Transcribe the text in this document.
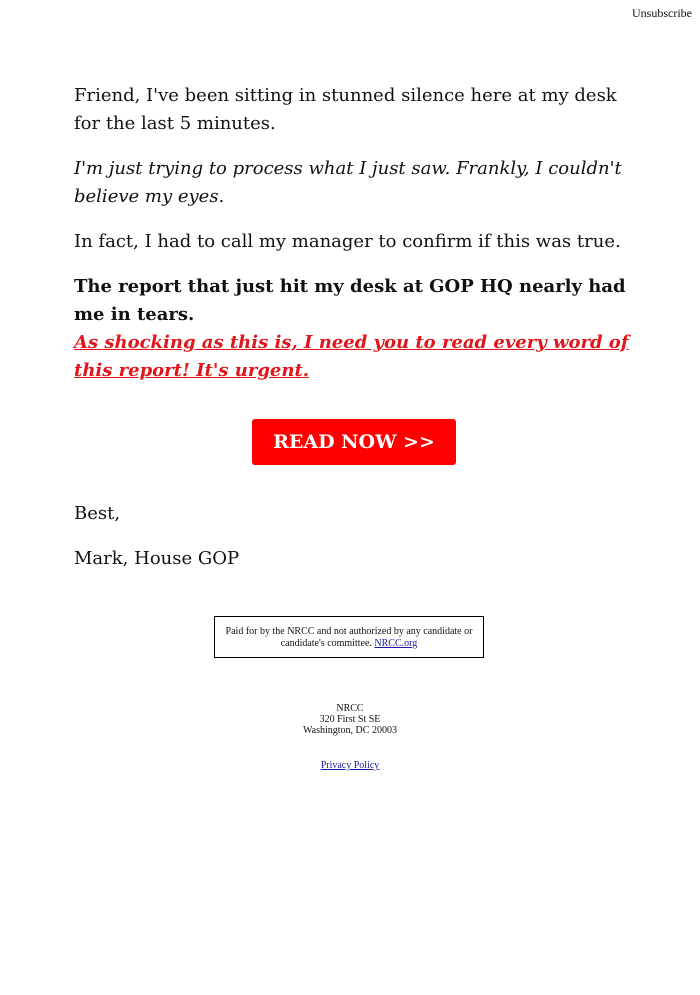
Unsubscribe

Friend, I've been sitting in stunned silence here at my desk for the last 5 minutes.

I'm just trying to process what I just saw. Frankly, I couldn't believe my eyes.

In fact, I had to call my manager to confirm if this was true.

The report that just hit my desk at GOP HQ nearly had me in tears.

As shocking as this is, I need you to read every word of this report! It's urgent.
READ NOW >>

Best,

Mark, House GOP

Paid for by the NRCC and not authorized by any candidate or candidate's committee. NRCC.org
NRCC
320 First St SE
Washington, DC 20003
Privacy Policy
